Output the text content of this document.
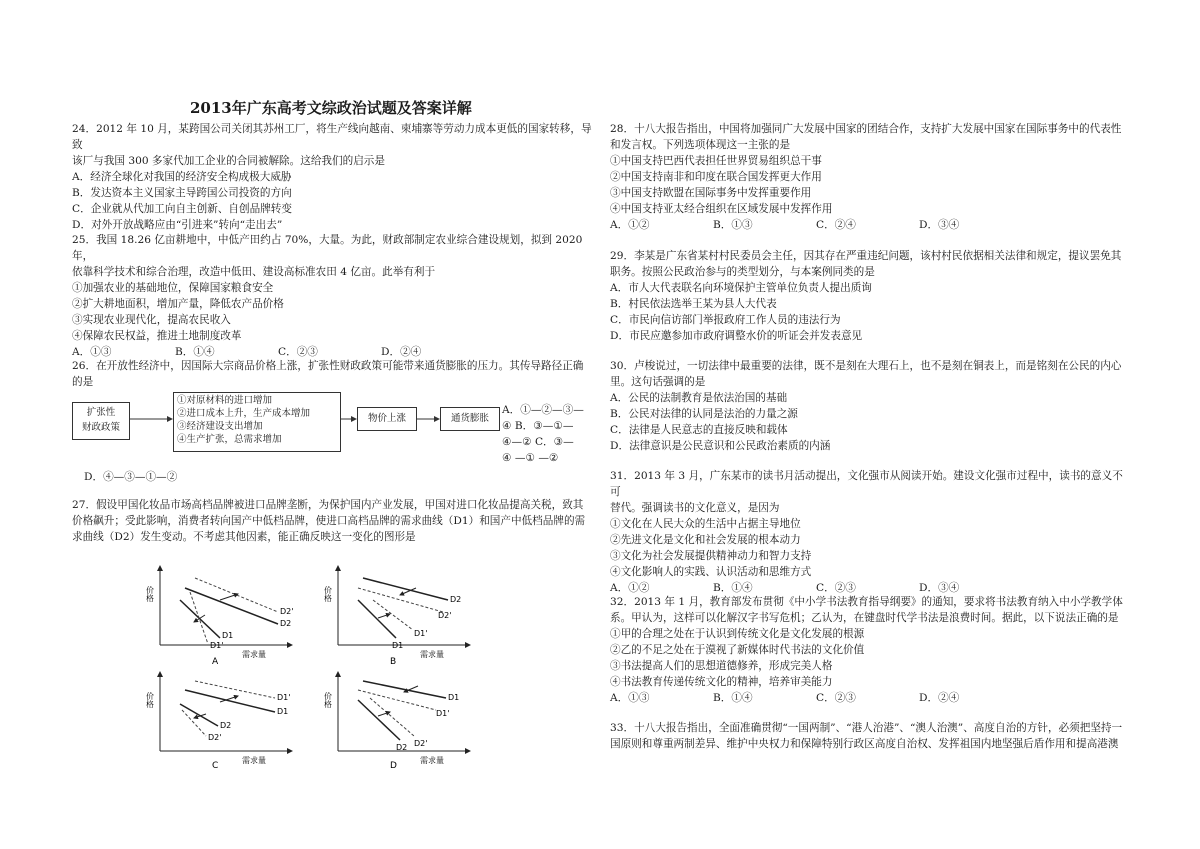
2013年广东高考文综政治试题及答案详解

24．2012 年 10 月，某跨国公司关闭其苏州工厂，将生产线向越南、柬埔寨等劳动力成本更低的国家转移，导致

该厂与我国 300 多家代加工企业的合同被解除。这给我们的启示是

A．经济全球化对我国的经济安全构成极大威胁

B．发达资本主义国家主导跨国公司投资的方向

C．企业就从代加工向自主创新、自创品牌转变

D．对外开放战略应由“引进来”转向“走出去”

25．我国 18.26 亿亩耕地中，中低产田约占 70%，大量。为此，财政部制定农业综合建设规划，拟到 2020 年，

依靠科学技术和综合治理，改造中低田、建设高标准农田 4 亿亩。此举有利于

①加强农业的基础地位，保障国家粮食安全

②扩大耕地面积，增加产量，降低农产品价格

③实现农业现代化，提高农民收入

④保障农民权益，推进土地制度改革

A．①③	B．①④	C．②③	D．②④

26．在开放性经济中，因国际大宗商品价格上涨，扩张性财政政策可能带来通货膨胀的压力。其传导路径正确

的是

扩张性
财政政策
①对原材料的进口增加
②进口成本上升，生产成本增加
③经济建设支出增加
④生产扩张，总需求增加
物价上涨	通货膨胀
A．①—②—③—
④ B．③—①—
④—② C．③—
④ —① —②

D．④—③—①—②

27．假设甲国化妆品市场高档品牌被进口品牌垄断，为保护国内产业发展，甲国对进口化妆品提高关税，致其

价格飙升；受此影响，消费者转向国产中低档品牌，使进口高档品牌的需求曲线（D1）和国产中低档品牌的需

求曲线（D2）发生变动。不考虑其他因素，能正确反映这一变化的图形是

价格
需求量
D2'
D2
D1
D1'
A
价格
需求量
D2
D2'
D1
D1'
B
价格
需求量
D1'
D1
D2
D2'
C
价格
需求量
D1
D1'
D2 D2'
D

28．十八大报告指出，中国将加强同广大发展中国家的团结合作，支持扩大发展中国家在国际事务中的代表性

和发言权。下列选项体现这一主张的是

①中国支持巴西代表担任世界贸易组织总干事

②中国支持南非和印度在联合国发挥更大作用

③中国支持欧盟在国际事务中发挥重要作用

④中国支持亚太经合组织在区域发展中发挥作用

A．①②	B．①③	C．②④	D．③④

29．李某是广东省某村村民委员会主任，因其存在严重违纪问题，该村村民依据相关法律和规定，提议罢免其

职务。按照公民政治参与的类型划分，与本案例同类的是

A．市人大代表联名向环境保护主管单位负责人提出质询

B．村民依法选举王某为县人大代表

C．市民向信访部门举报政府工作人员的违法行为

D．市民应邀参加市政府调整水价的听证会并发表意见

30．卢梭说过，一切法律中最重要的法律，既不是刻在大理石上，也不是刻在铜表上，而是铭刻在公民的内心

里。这句话强调的是

A．公民的法制教育是依法治国的基础

B．公民对法律的认同是法治的力量之源

C．法律是人民意志的直接反映和载体

D．法律意识是公民意识和公民政治素质的内涵

31．2013 年 3 月，广东某市的读书月活动提出，文化强市从阅读开始。建设文化强市过程中，读书的意义不可

替代。强调读书的文化意义，是因为

①文化在人民大众的生活中占据主导地位

②先进文化是文化和社会发展的根本动力

③文化为社会发展提供精神动力和智力支持

④文化影响人的实践、认识活动和思维方式

A．①②	B．①④	C．②③	D．③④

32．2013 年 1 月，教育部发布贯彻《中小学书法教育指导纲要》的通知，要求将书法教育纳入中小学教学体

系。甲认为，这样可以化解汉字书写危机；乙认为，在键盘时代学书法是浪费时间。据此，以下说法正确的是

①甲的合理之处在于认识到传统文化是文化发展的根源

②乙的不足之处在于漠视了新媒体时代书法的文化价值

③书法提高人们的思想道德修养，形成完美人格

④书法教育传递传统文化的精神，培养审美能力

A．①③	B．①④	C．②③	D．②④

33．十八大报告指出，全面准确贯彻“一国两制”、“港人治港”、“澳人治澳”、高度自治的方针，必须把坚持一

国原则和尊重两制差异、维护中央权力和保障特别行政区高度自治权、发挥祖国内地坚强后盾作用和提高港澳
